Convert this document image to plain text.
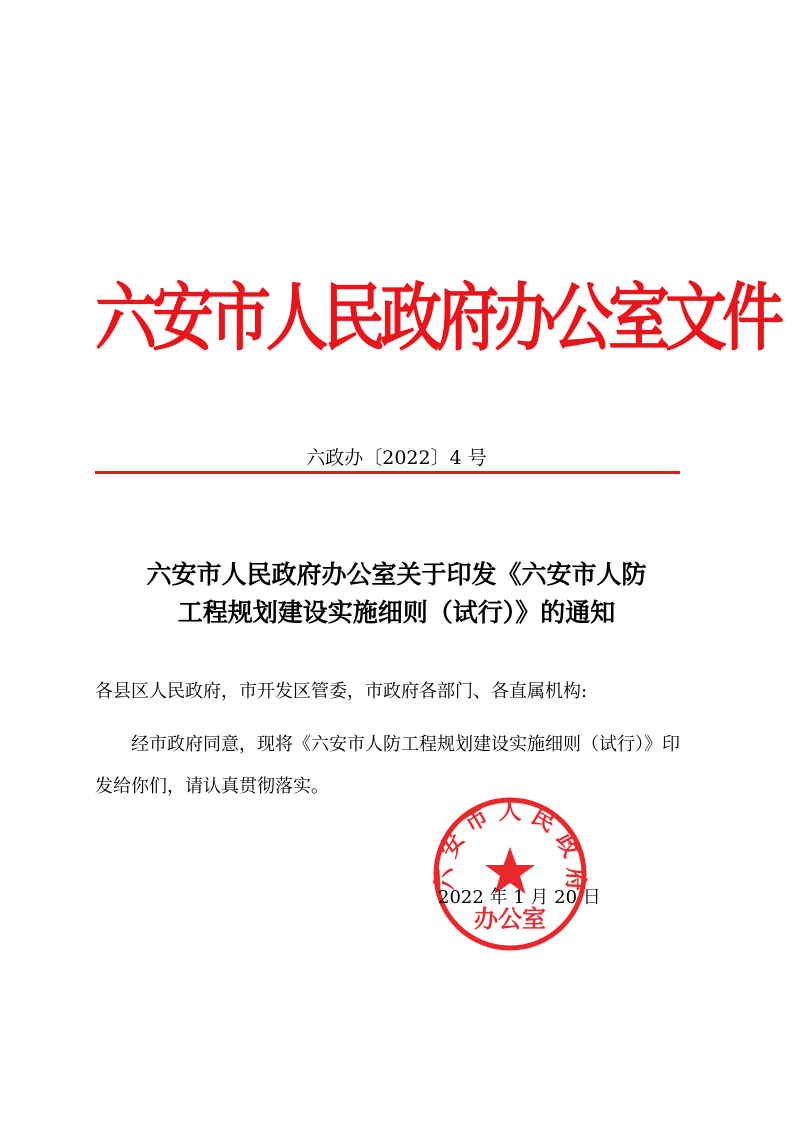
六安市人民政府办公室文件
六政办〔2022〕4 号
六安市人民政府办公室关于印发《六安市人防
工程规划建设实施细则（试行）》的通知
各县区人民政府，市开发区管委，市政府各部门、各直属机构:

经市政府同意，现将《六安市人防工程规划建设实施细则（试行）》印发给你们，请认真贯彻落实。

六安市人民政府
办公室
2022 年 1 月 20 日
